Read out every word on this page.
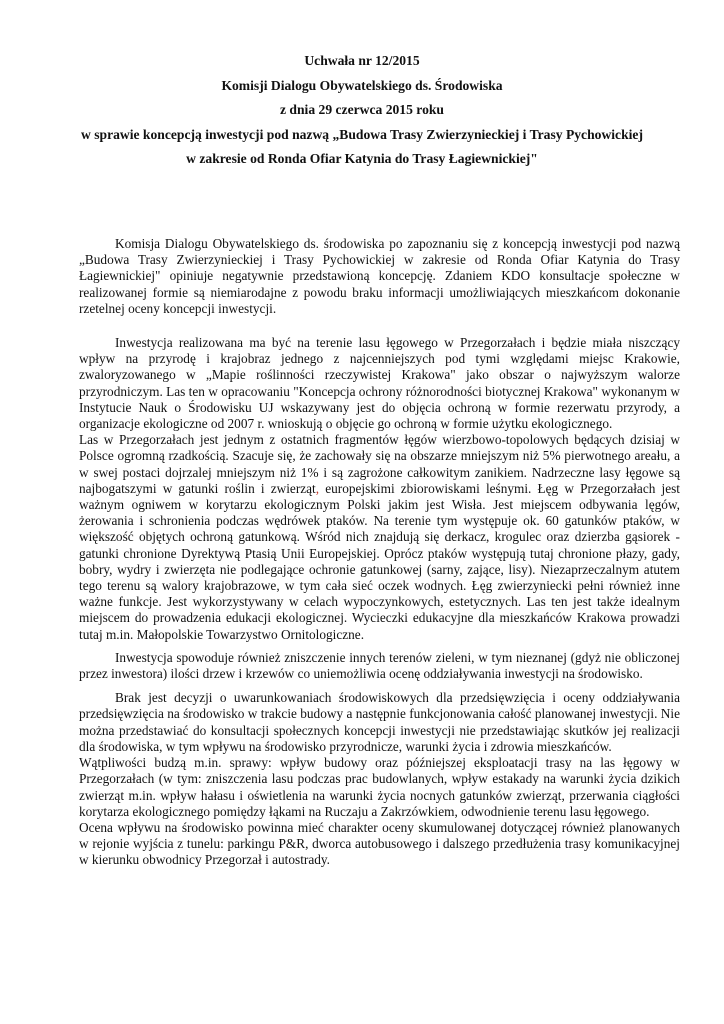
Uchwała nr 12/2015
Komisji Dialogu Obywatelskiego ds. Środowiska
z dnia 29 czerwca 2015 roku
w sprawie koncepcją inwestycji pod nazwą „Budowa Trasy Zwierzynieckiej i Trasy Pychowickiej
w zakresie od Ronda Ofiar Katynia do Trasy Łagiewnickiej"

Komisja Dialogu Obywatelskiego ds. środowiska po zapoznaniu się z koncepcją inwestycji pod nazwą „Budowa Trasy Zwierzynieckiej i Trasy Pychowickiej w zakresie od Ronda Ofiar Katynia do Trasy Łagiewnickiej" opiniuje negatywnie przedstawioną koncepcję. Zdaniem KDO konsultacje społeczne w realizowanej formie są niemiarodajne z powodu braku informacji umożliwiających mieszkańcom dokonanie rzetelnej oceny koncepcji inwestycji.

Inwestycja realizowana ma być na terenie lasu łęgowego w Przegorzałach i będzie miała niszczący wpływ na przyrodę i krajobraz jednego z najcenniejszych pod tymi względami miejsc Krakowie, zwaloryzowanego w „Mapie roślinności rzeczywistej Krakowa" jako obszar o najwyższym walorze przyrodniczym. Las ten w opracowaniu "Koncepcja ochrony różnorodności biotycznej Krakowa" wykonanym w Instytucie Nauk o Środowisku UJ wskazywany jest do objęcia ochroną w formie rezerwatu przyrody, a organizacje ekologiczne od 2007 r. wnioskują o objęcie go ochroną w formie użytku ekologicznego.

Las w Przegorzałach jest jednym z ostatnich fragmentów łęgów wierzbowo-topolowych będących dzisiaj w Polsce ogromną rzadkością. Szacuje się, że zachowały się na obszarze mniejszym niż 5% pierwotnego areału, a w swej postaci dojrzalej mniejszym niż 1% i są zagrożone całkowitym zanikiem. Nadrzeczne lasy łęgowe są najbogatszymi w gatunki roślin i zwierząt, europejskimi zbiorowiskami leśnymi. Łęg w Przegorzałach jest ważnym ogniwem w korytarzu ekologicznym Polski jakim jest Wisła. Jest miejscem odbywania lęgów, żerowania i schronienia podczas wędrówek ptaków. Na terenie tym występuje ok. 60 gatunków ptaków, w większość objętych ochroną gatunkową. Wśród nich znajdują się derkacz, krogulec oraz dzierzba gąsiorek - gatunki chronione Dyrektywą Ptasią Unii Europejskiej. Oprócz ptaków występują tutaj chronione płazy, gady, bobry, wydry i zwierzęta nie podlegające ochronie gatunkowej (sarny, zające, lisy). Niezaprzeczalnym atutem tego terenu są walory krajobrazowe, w tym cała sieć oczek wodnych. Łęg zwierzyniecki pełni również inne ważne funkcje. Jest wykorzystywany w celach wypoczynkowych, estetycznych. Las ten jest także idealnym miejscem do prowadzenia edukacji ekologicznej. Wycieczki edukacyjne dla mieszkańców Krakowa prowadzi tutaj m.in. Małopolskie Towarzystwo Ornitologiczne.

Inwestycja spowoduje również zniszczenie innych terenów zieleni, w tym nieznanej (gdyż nie obliczonej przez inwestora) ilości drzew i krzewów co uniemożliwia ocenę oddziaływania inwestycji na środowisko.

Brak jest decyzji o uwarunkowaniach środowiskowych dla przedsięwzięcia i oceny oddziaływania przedsięwzięcia na środowisko w trakcie budowy a następnie funkcjonowania całość planowanej inwestycji. Nie można przedstawiać do konsultacji społecznych koncepcji inwestycji nie przedstawiając skutków jej realizacji dla środowiska, w tym wpływu na środowisko przyrodnicze, warunki życia i zdrowia mieszkańców.

Wątpliwości budzą m.in. sprawy: wpływ budowy oraz późniejszej eksploatacji trasy na las łęgowy w Przegorzałach (w tym: zniszczenia lasu podczas prac budowlanych, wpływ estakady na warunki życia dzikich zwierząt m.in. wpływ hałasu i oświetlenia na warunki życia nocnych gatunków zwierząt, przerwania ciągłości korytarza ekologicznego pomiędzy łąkami na Ruczaju a Zakrzówkiem, odwodnienie terenu lasu łęgowego.

Ocena wpływu na środowisko powinna mieć charakter oceny skumulowanej dotyczącej również planowanych w rejonie wyjścia z tunelu: parkingu P&R, dworca autobusowego i dalszego przedłużenia trasy komunikacyjnej w kierunku obwodnicy Przegorzał i autostrady.
